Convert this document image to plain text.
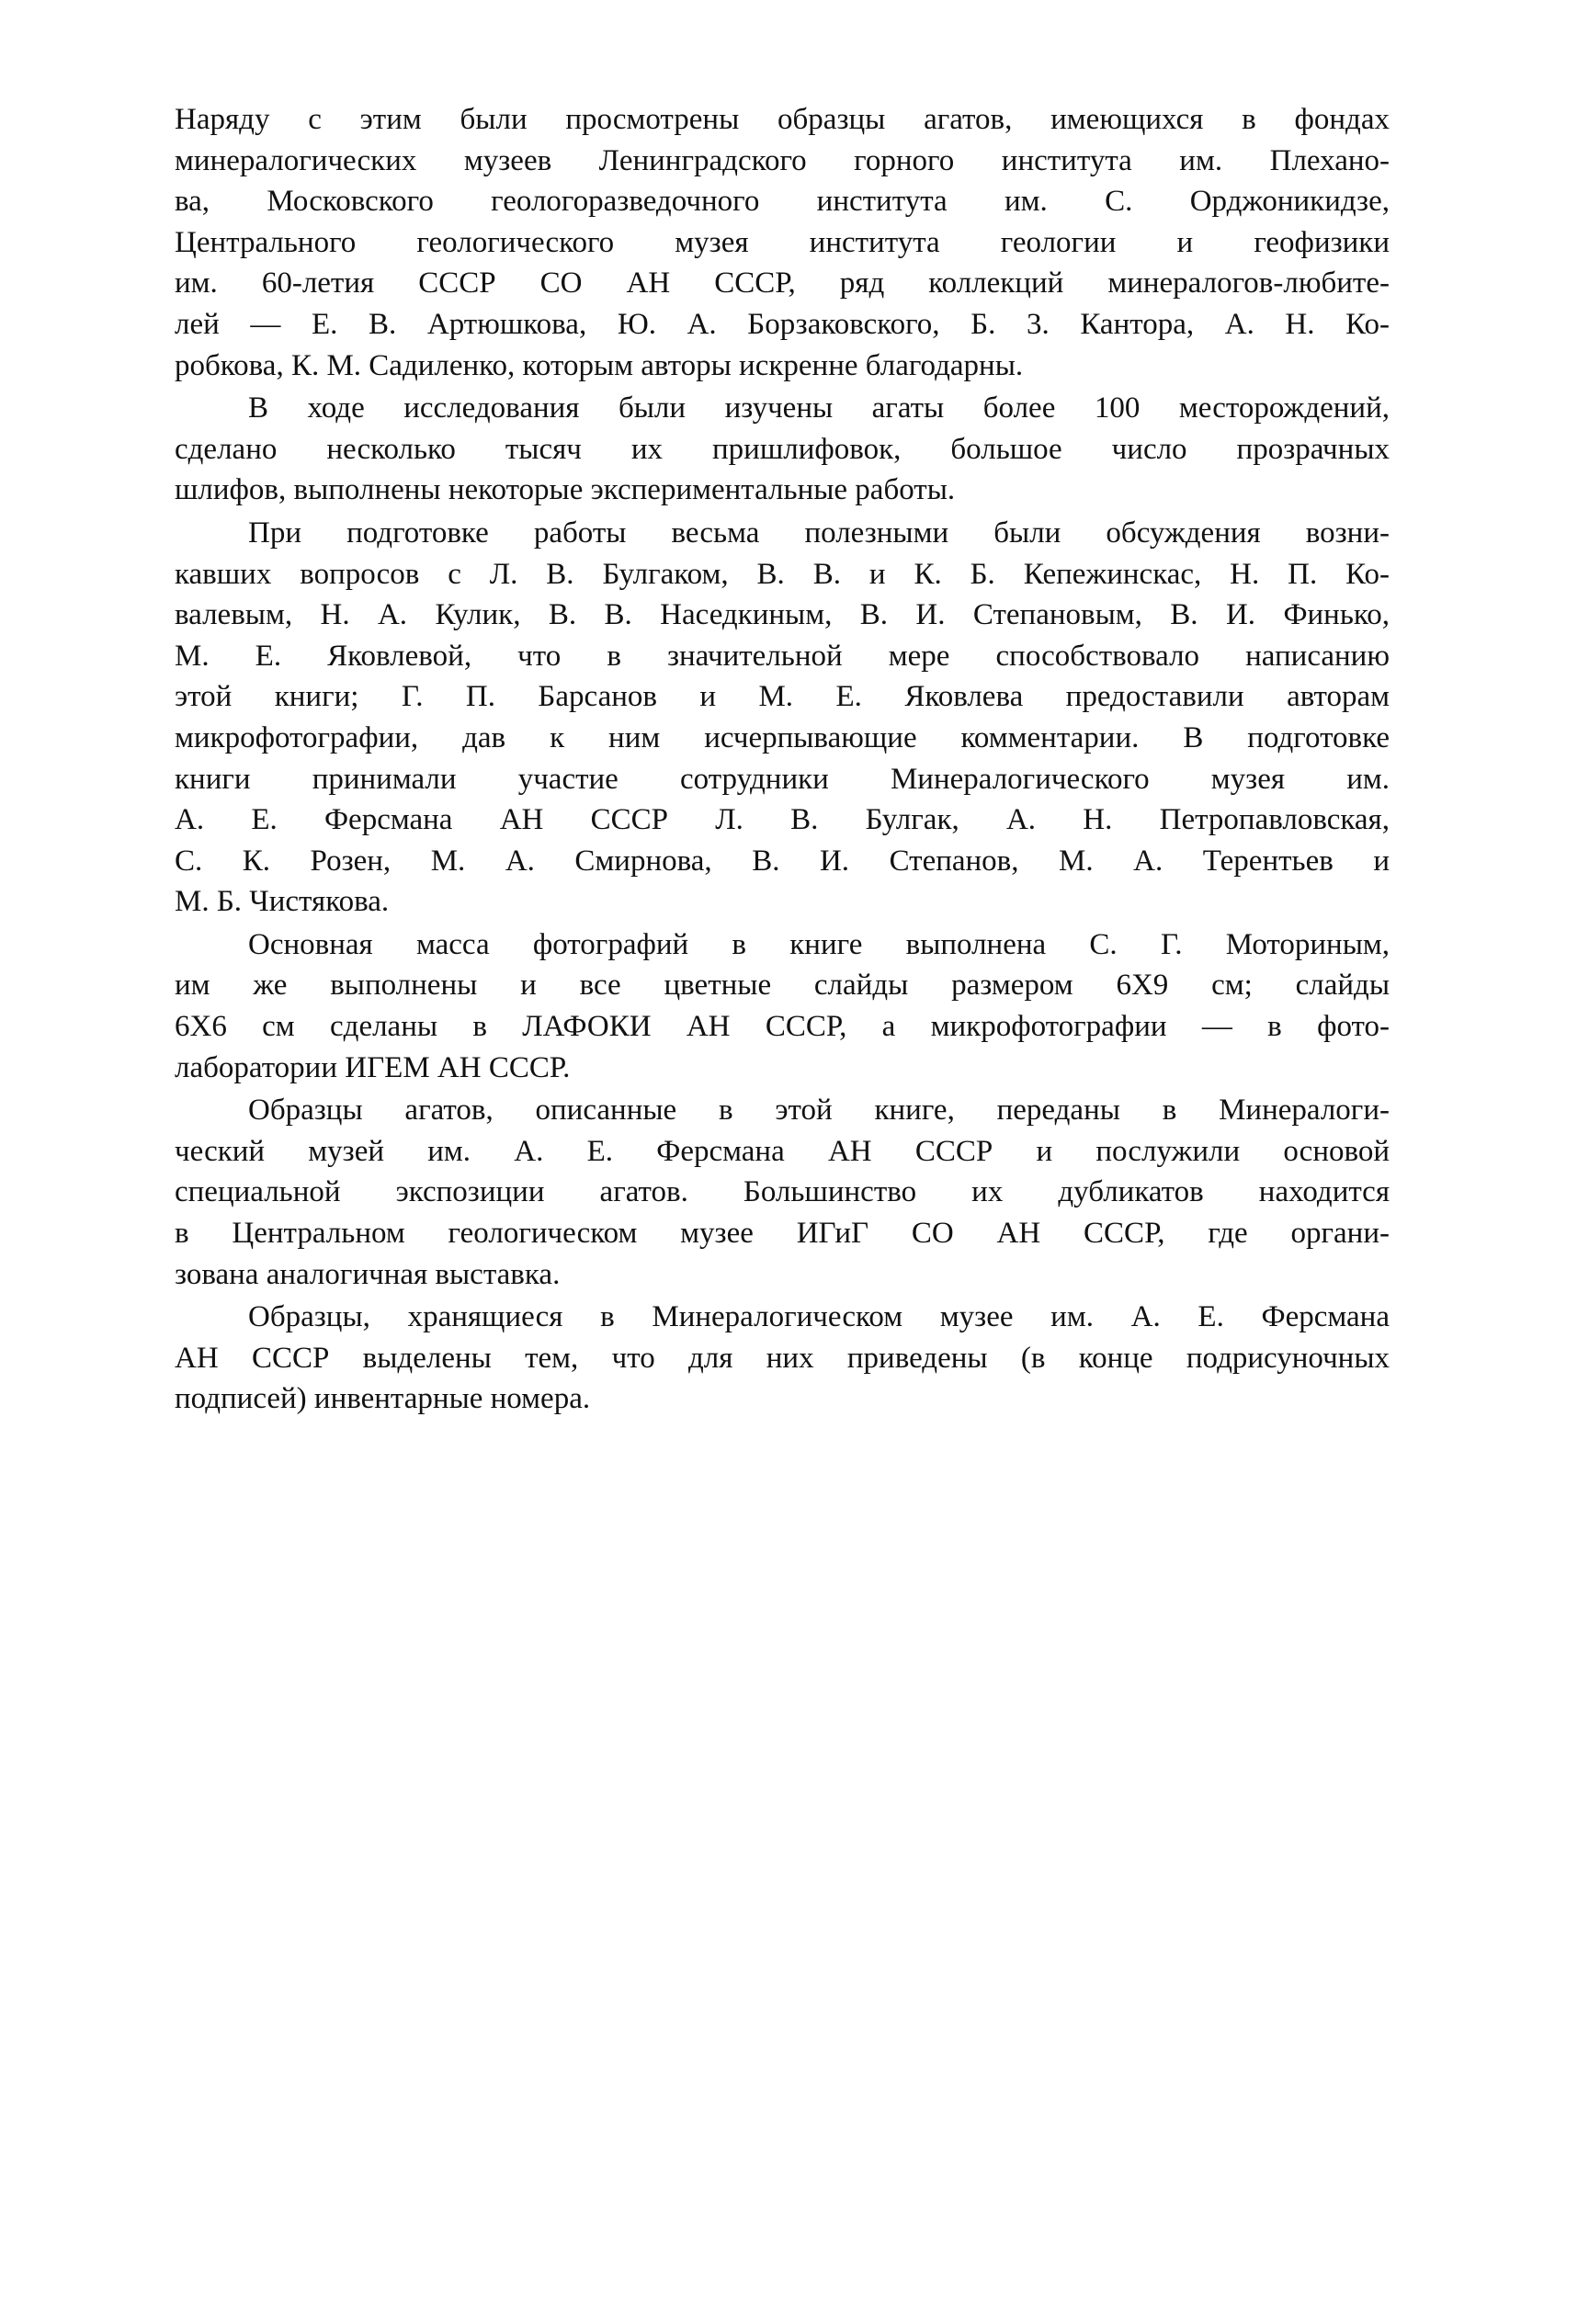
Наряду с этим были просмотрены образцы агатов, имеющихся в фондах
минералогических музеев Ленинградского горного института им. Плехано-
ва, Московского геологоразведочного института им. С. Орджоникидзе,
Центрального геологического музея института геологии и геофизики
им. 60-летия СССР СО АН СССР, ряд коллекций минералогов-любите-
лей — Е. В. Артюшкова, Ю. А. Борзаковского, Б. 3. Кантора, А. Н. Ко-
робкова, К. М. Садиленко, которым авторы искренне благодарны.

В ходе исследования были изучены агаты более 100 месторождений,
сделано несколько тысяч их пришлифовок, большое число прозрачных
шлифов, выполнены некоторые экспериментальные работы.

При подготовке работы весьма полезными были обсуждения возни-
кавших вопросов с Л. В. Булгаком, В. В. и К. Б. Кепежинскас, Н. П. Ко-
валевым, Н. А. Кулик, В. В. Наседкиным, В. И. Степановым, В. И. Финько,
М. Е. Яковлевой, что в значительной мере способствовало написанию
этой книги; Г. П. Барсанов и М. Е. Яковлева предоставили авторам
микрофотографии, дав к ним исчерпывающие комментарии. В подготовке
книги принимали участие сотрудники Минералогического музея им.
А. Е. Ферсмана АН СССР Л. В. Булгак, А. Н. Петропавловская,
С. К. Розен, М. А. Смирнова, В. И. Степанов, М. А. Терентьев и
М. Б. Чистякова.

Основная масса фотографий в книге выполнена С. Г. Моториным,
им же выполнены и все цветные слайды размером 6Х9 см; слайды
6Х6 см сделаны в ЛАФОКИ АН СССР, а микрофотографии — в фото-
лаборатории ИГЕМ АН СССР.

Образцы агатов, описанные в этой книге, переданы в Минералоги-
ческий музей им. А. Е. Ферсмана АН СССР и послужили основой
специальной экспозиции агатов. Большинство их дубликатов находится
в Центральном геологическом музее ИГиГ СО АН СССР, где органи-
зована аналогичная выставка.

Образцы, хранящиеся в Минералогическом музее им. А. Е. Ферсмана
АН СССР выделены тем, что для них приведены (в конце подрисуночных
подписей) инвентарные номера.
